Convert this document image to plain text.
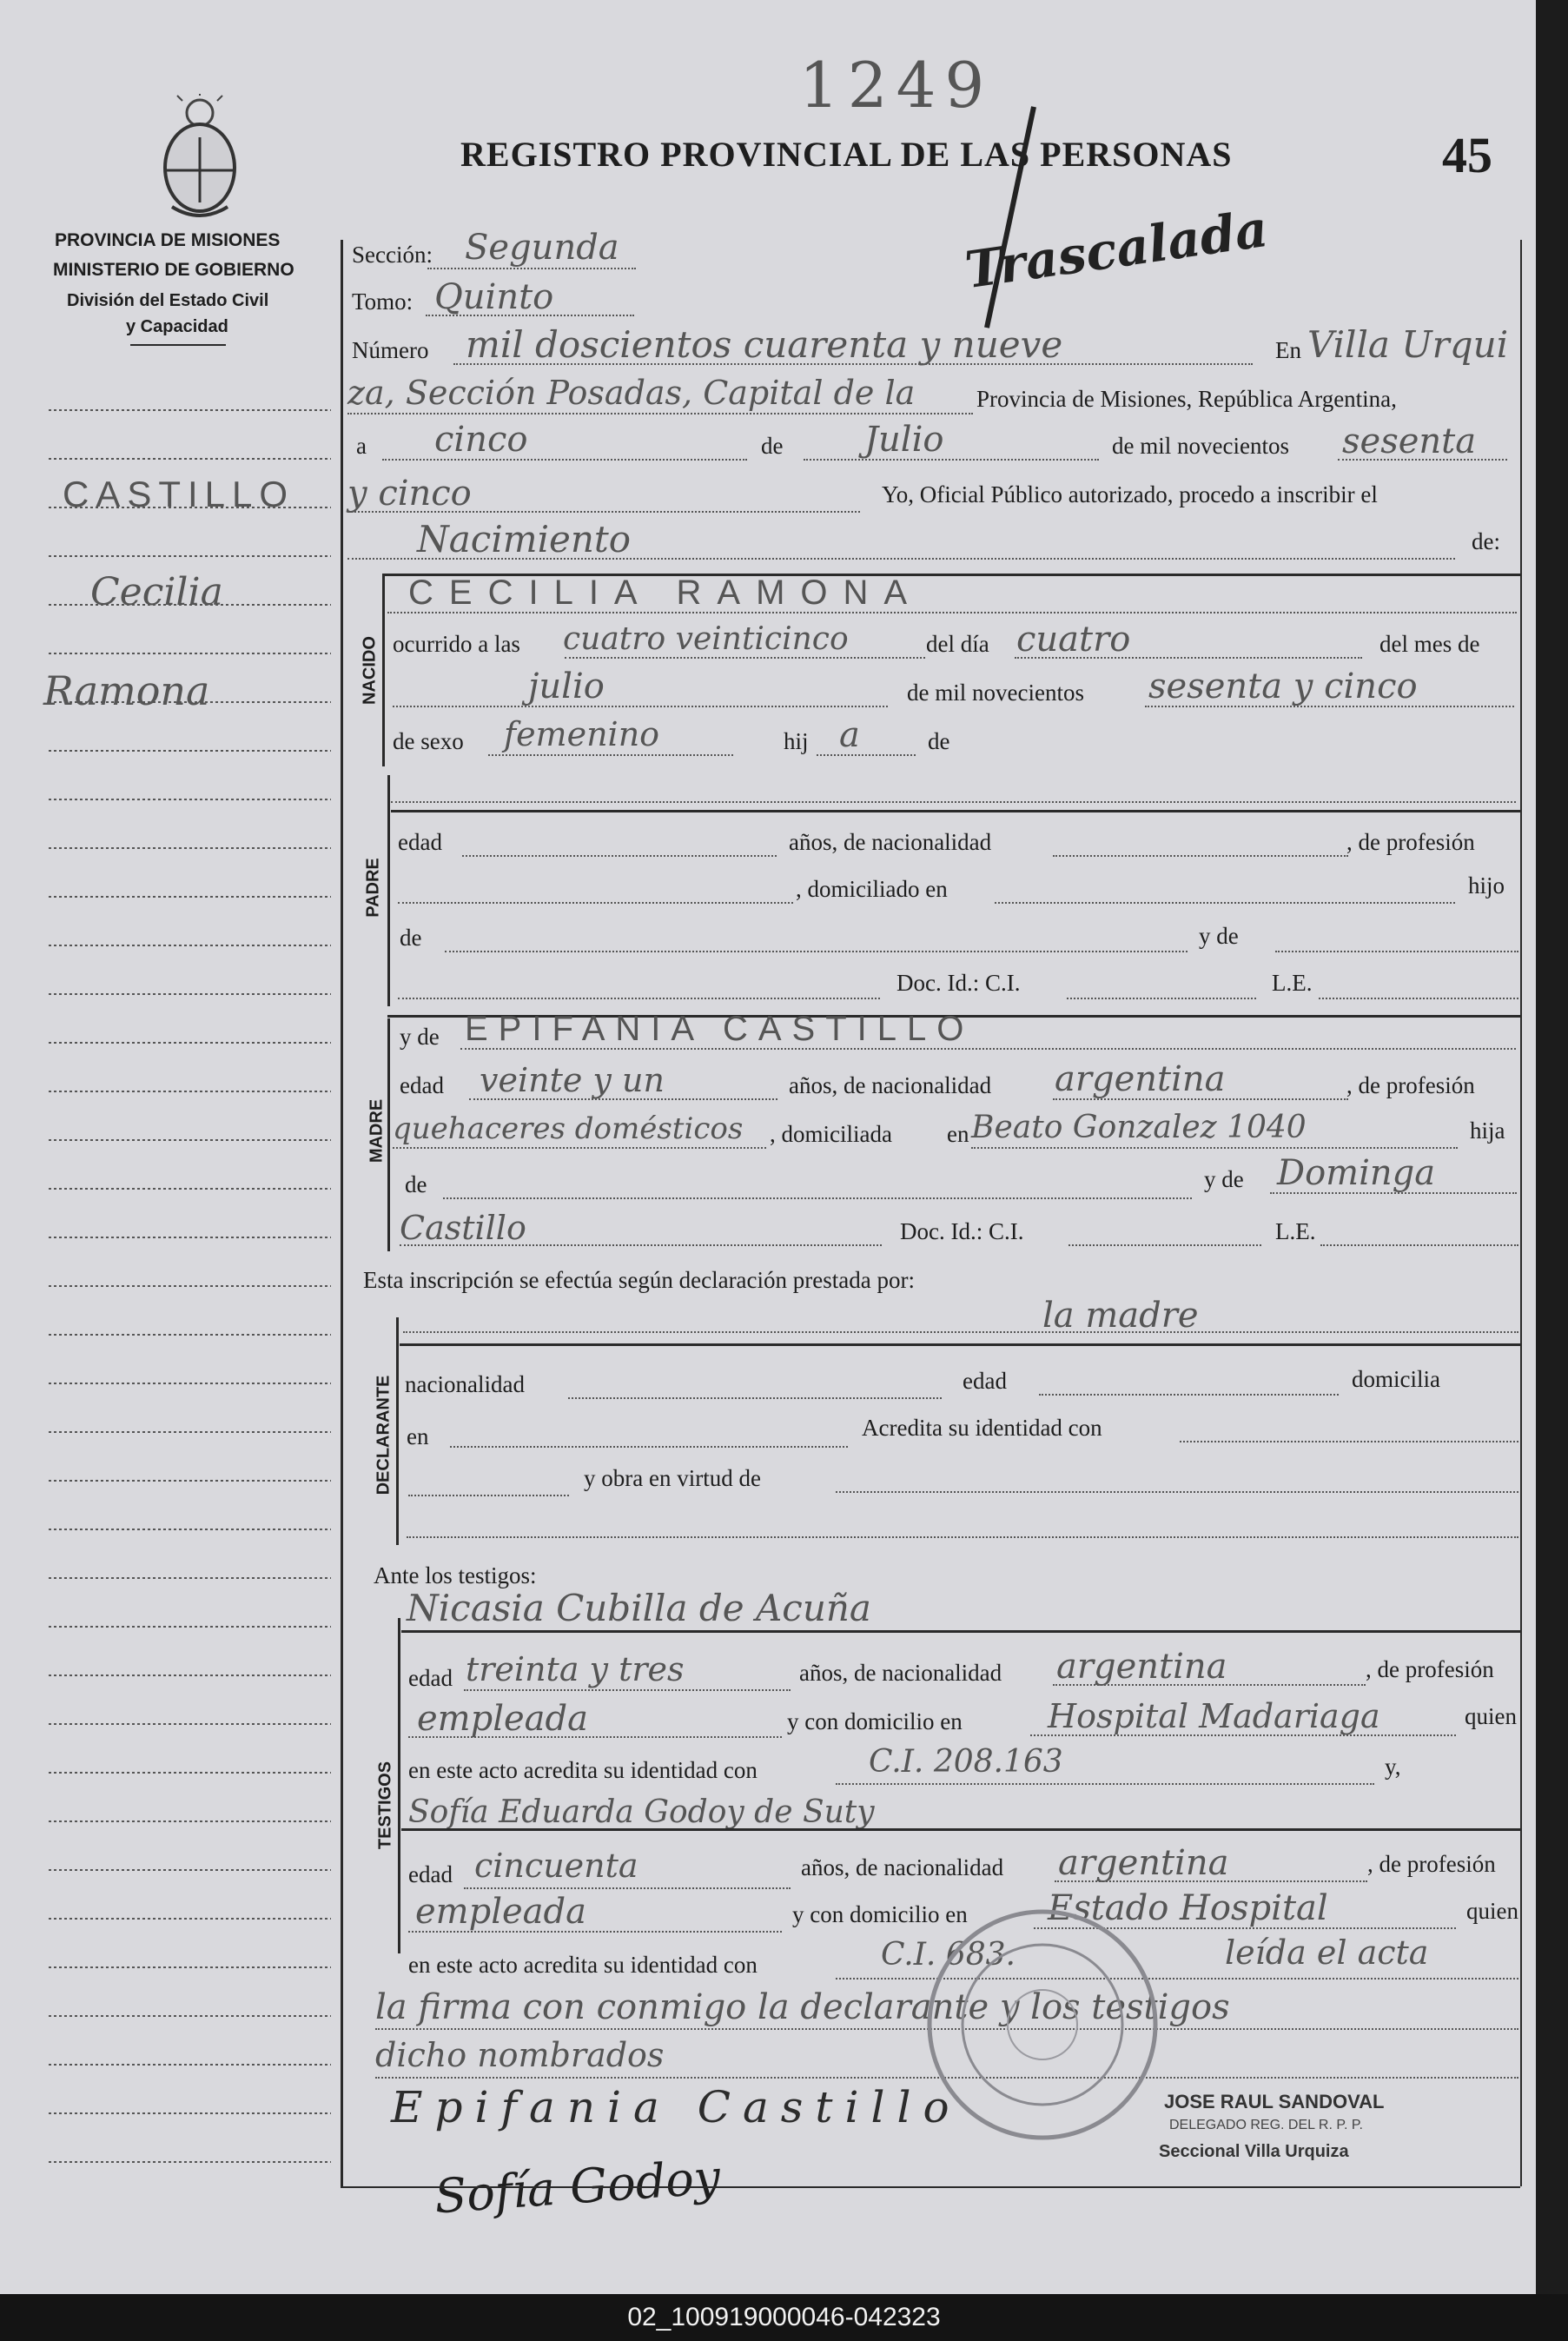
1249
45
REGISTRO PROVINCIAL DE LAS PERSONAS
Trascalada
PROVINCIA DE MISIONES
MINISTERIO DE GOBIERNO
División del Estado Civil
y Capacidad
CASTILLO
Cecilia
Ramona
Sección: Segunda
Tomo: Quinto
Número mil doscientos cuarenta y nueve	En Villa Urqui
za, Sección Posadas, Capital de la	Provincia de Misiones, República Argentina,
a cinco	de Julio	de mil novecientos sesenta
y cinco	Yo, Oficial Público autorizado, procedo a inscribir el
Nacimiento	de:
NACIDO
CECILIA RAMONA
ocurrido a las cuatro veinticinco	del día cuatro	del mes de
julio	de mil novecientos sesenta y cinco
de sexo femenino	hij a	de
PADRE
edad	años, de nacionalidad	, de profesión
, domiciliado en	hijo
de	y de
Doc. Id.: C.I.	L.E.
MADRE
y de EPIFANIA CASTILLO
edad veinte y un	años, de nacionalidad argentina	, de profesión
quehaceres domésticos , domiciliada en Beato Gonzalez 1040	hija
de	y de Dominga
Castillo	Doc. Id.: C.I.	L.E.
Esta inscripción se efectúa según declaración prestada por:
DECLARANTE
la madre
nacionalidad	edad	domicilia
en	Acredita su identidad con
y obra en virtud de
Ante los testigos:
TESTIGOS
Nicasia Cubilla de Acuña
edad treinta y tres	años, de nacionalidad argentina	, de profesión
empleada	y con domicilio en	Hospital Madariaga	quien
en este acto acredita su identidad con	C.I. 208.163	y,
Sofía Eduarda Godoy de Suty
edad cincuenta	años, de nacionalidad argentina	, de profesión
empleada	y con domicilio en Estado Hospital	quien
en este acto acredita su identidad con	C.I. 683.	leída el acta
la firma con conmigo la declarante y los testigos
dicho nombrados
Epifania Castillo
Sofía Godoy
JOSE RAUL SANDOVAL
DELEGADO REG. DEL R. P. P.
Seccional Villa Urquiza
02_100919000046-042323
